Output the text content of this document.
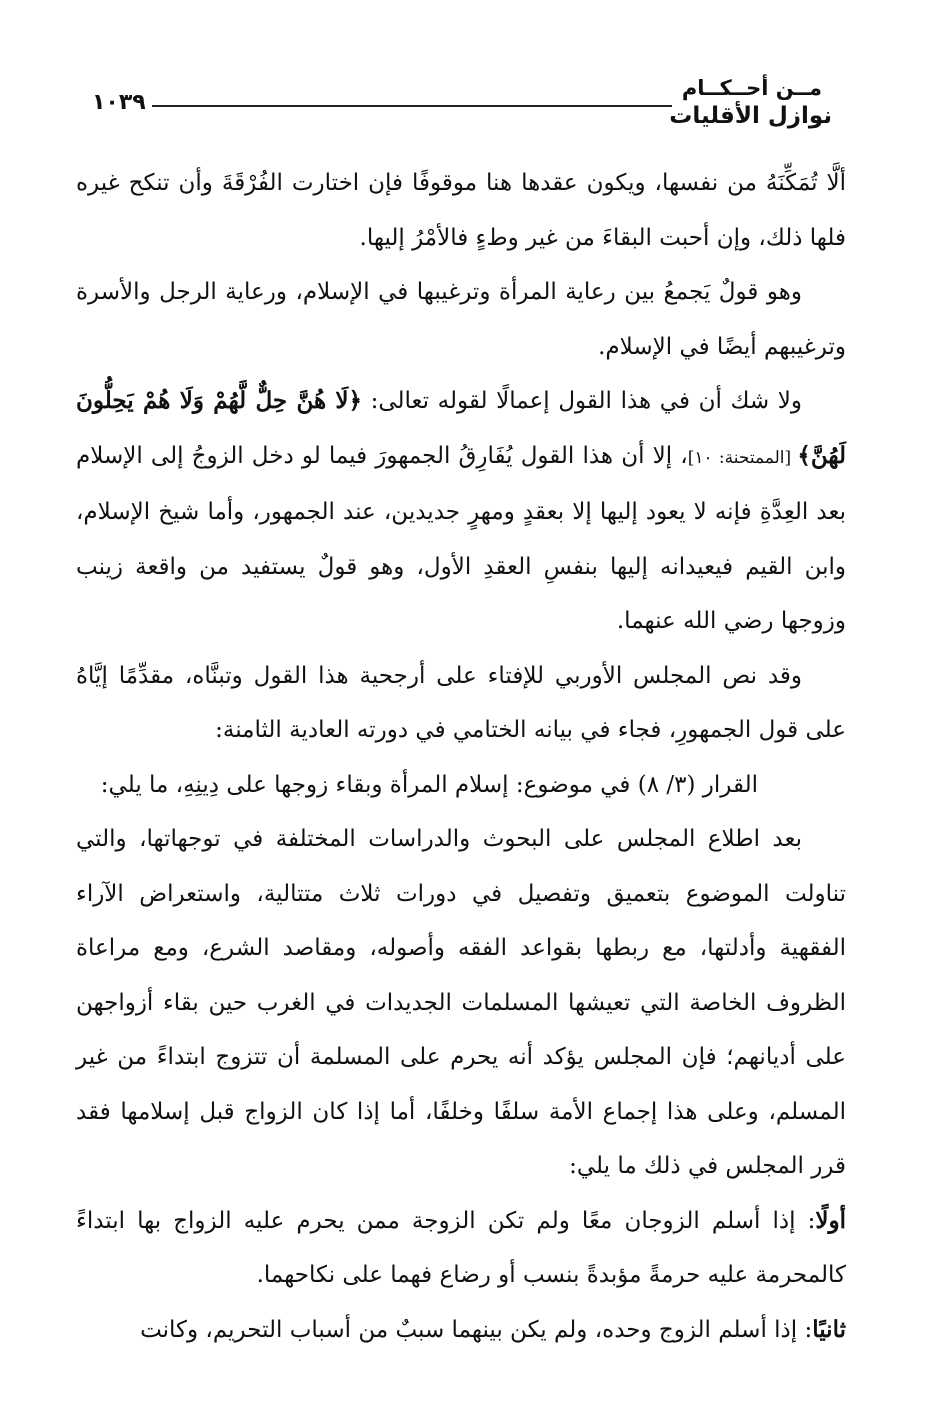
١٠٣٩
مــن أحــكــام
نوازل الأقليات

ألَّا تُمَكِّنَهُ من نفسها، ويكون عقدها هنا موقوفًا فإن اختارت الفُرْقَةَ وأن تنكح غيره فلها ذلك، وإن أحبت البقاءَ من غير وطءٍ فالأمْرُ إليها.

وهو قولٌ يَجمعُ بين رعاية المرأة وترغيبها في الإسلام، ورعاية الرجل والأسرة وترغيبهم أيضًا في الإسلام.

ولا شك أن في هذا القول إعمالًا لقوله تعالى: ﴿لَا هُنَّ حِلٌّ لَّهُمْ وَلَا هُمْ يَحِلُّونَ لَهُنَّ﴾ [الممتحنة: ١٠]، إلا أن هذا القول يُفَارِقُ الجمهورَ فيما لو دخل الزوجُ إلى الإسلام بعد العِدَّةِ فإنه لا يعود إليها إلا بعقدٍ ومهرٍ جديدين، عند الجمهور، وأما شيخ الإسلام، وابن القيم فيعيدانه إليها بنفسِ العقدِ الأول، وهو قولٌ يستفيد من واقعة زينب وزوجها رضي الله عنهما.

وقد نص المجلس الأوربي للإفتاء على أرجحية هذا القول وتبنَّاه، مقدِّمًا إيَّاهُ على قول الجمهورِ، فجاء في بيانه الختامي في دورته العادية الثامنة:

القرار (٣/ ٨) في موضوع: إسلام المرأة وبقاء زوجها على دِينِهِ، ما يلي:

بعد اطلاع المجلس على البحوث والدراسات المختلفة في توجهاتها، والتي تناولت الموضوع بتعميق وتفصيل في دورات ثلاث متتالية، واستعراض الآراء الفقهية وأدلتها، مع ربطها بقواعد الفقه وأصوله، ومقاصد الشرع، ومع مراعاة الظروف الخاصة التي تعيشها المسلمات الجديدات في الغرب حين بقاء أزواجهن على أديانهم؛ فإن المجلس يؤكد أنه يحرم على المسلمة أن تتزوج ابتداءً من غير المسلم، وعلى هذا إجماع الأمة سلفًا وخلفًا، أما إذا كان الزواج قبل إسلامها فقد قرر المجلس في ذلك ما يلي:

أولًا: إذا أسلم الزوجان معًا ولم تكن الزوجة ممن يحرم عليه الزواج بها ابتداءً كالمحرمة عليه حرمةً مؤبدةً بنسب أو رضاع فهما على نكاحهما.

ثانيًا: إذا أسلم الزوج وحده، ولم يكن بينهما سببٌ من أسباب التحريم، وكانت
